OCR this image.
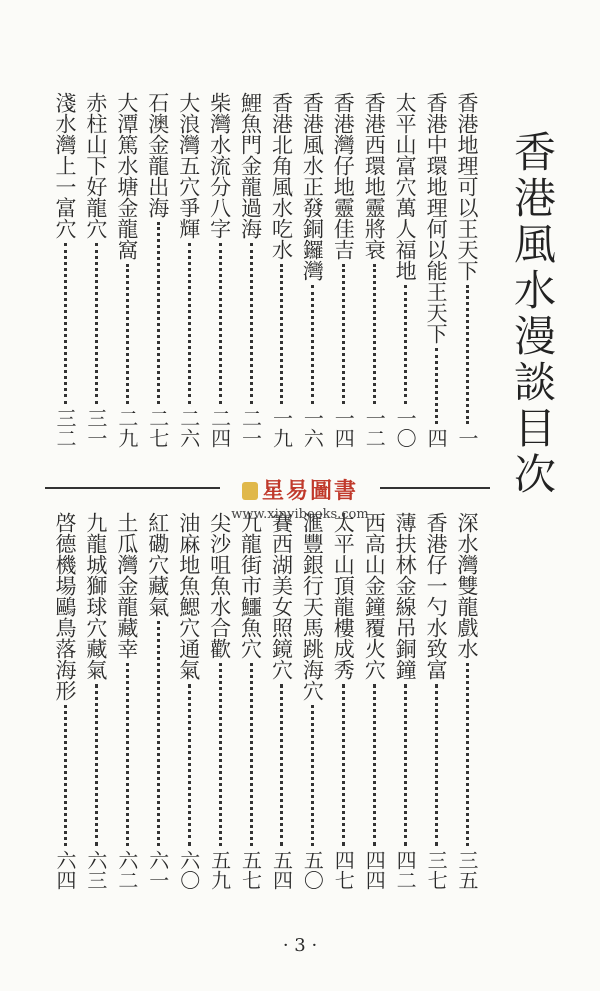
香港風水漫談目次
香港地理可以王天下
一
香港中環地理何以能王天下
四
太平山富穴萬人福地
一〇
香港西環地靈將衰
一二
香港灣仔地靈佳吉
一四
香港風水正發銅鑼灣
一六
香港北角風水吃水
一九
鯉魚門金龍過海
二一
柴灣水流分八字
二四
大浪灣五穴爭輝
二六
石澳金龍出海
二七
大潭篤水塘金龍窩
二九
赤柱山下好龍穴
三一
淺水灣上一富穴
三二
星易圖書
www.xinyibooks.com	深水灣雙龍戲水
三五
香港仔一勺水致富
三七
薄扶林金線吊銅鐘
四二
西高山金鐘覆火穴
四四
太平山頂龍樓成秀
四七
滙豐銀行天馬跳海穴
五〇
賽西湖美女照鏡穴
五四
九龍街市鱷魚穴
五七
尖沙咀魚水合歡
五九
油麻地魚鰓穴通氣
六〇
紅磡穴藏氣
六一
土瓜灣金龍藏幸
六二
九龍城獅球穴藏氣
六三
啓德機場鷗鳥落海形
六四
· 3 ·
